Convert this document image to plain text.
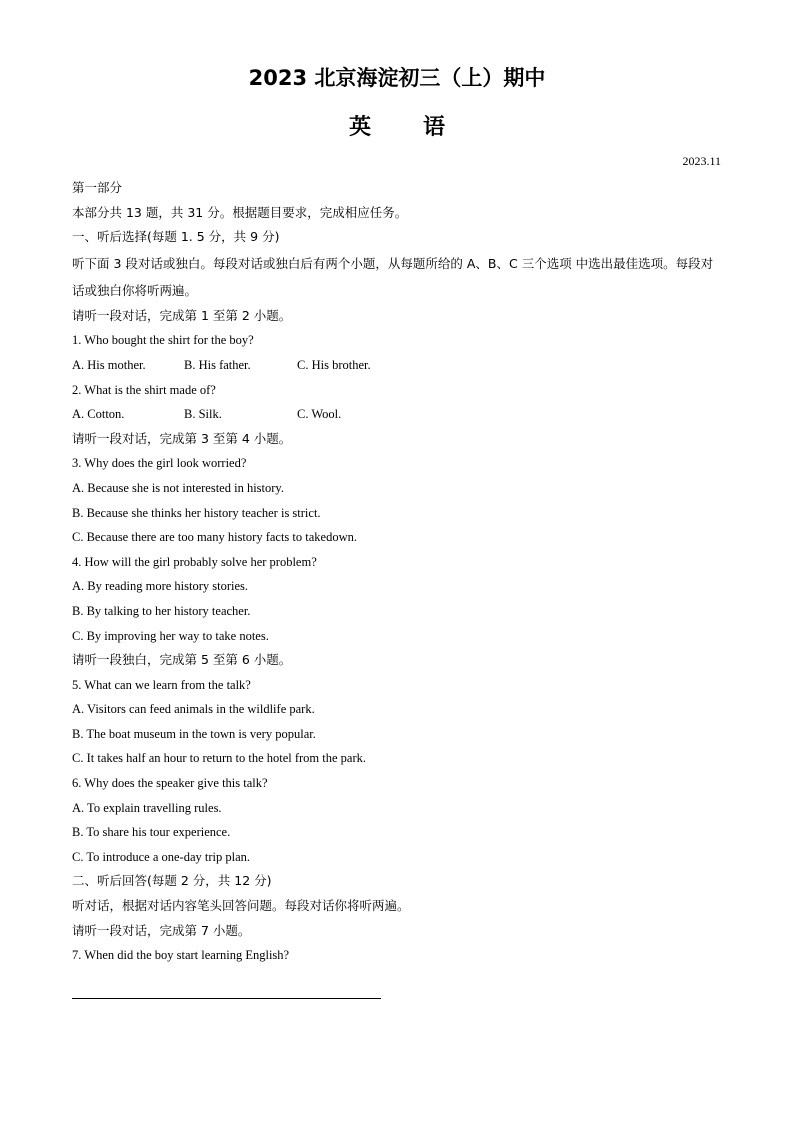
2023 北京海淀初三（上）期中
英 语
2023.11
第一部分
本部分共 13 题，共 31 分。根据题目要求，完成相应任务。
一、听后选择(每题 1. 5 分，共 9 分)
听下面 3 段对话或独白。每段对话或独白后有两个小题，从每题所给的 A、B、C 三个选项 中选出最佳选项。每段对话或独白你将听两遍。
请听一段对话，完成第 1 至第 2 小题。
1. Who bought the shirt for the boy?
A. His mother.	B. His father.	C. His brother.
2. What is the shirt made of?
A. Cotton.	B. Silk.	C. Wool.
请听一段对话，完成第 3 至第 4 小题。
3. Why does the girl look worried?
A. Because she is not interested in history.
B. Because she thinks her history teacher is strict.
C. Because there are too many history facts to takedown.
4. How will the girl probably solve her problem?
A. By reading more history stories.
B. By talking to her history teacher.
C. By improving her way to take notes.
请听一段独白，完成第 5 至第 6 小题。
5. What can we learn from the talk?
A. Visitors can feed animals in the wildlife park.
B. The boat museum in the town is very popular.
C. It takes half an hour to return to the hotel from the park.
6. Why does the speaker give this talk?
A. To explain travelling rules.
B. To share his tour experience.
C. To introduce a one-day trip plan.
二、听后回答(每题 2 分，共 12 分)
听对话，根据对话内容笔头回答问题。每段对话你将听两遍。
请听一段对话，完成第 7 小题。
7. When did the boy start learning English?
